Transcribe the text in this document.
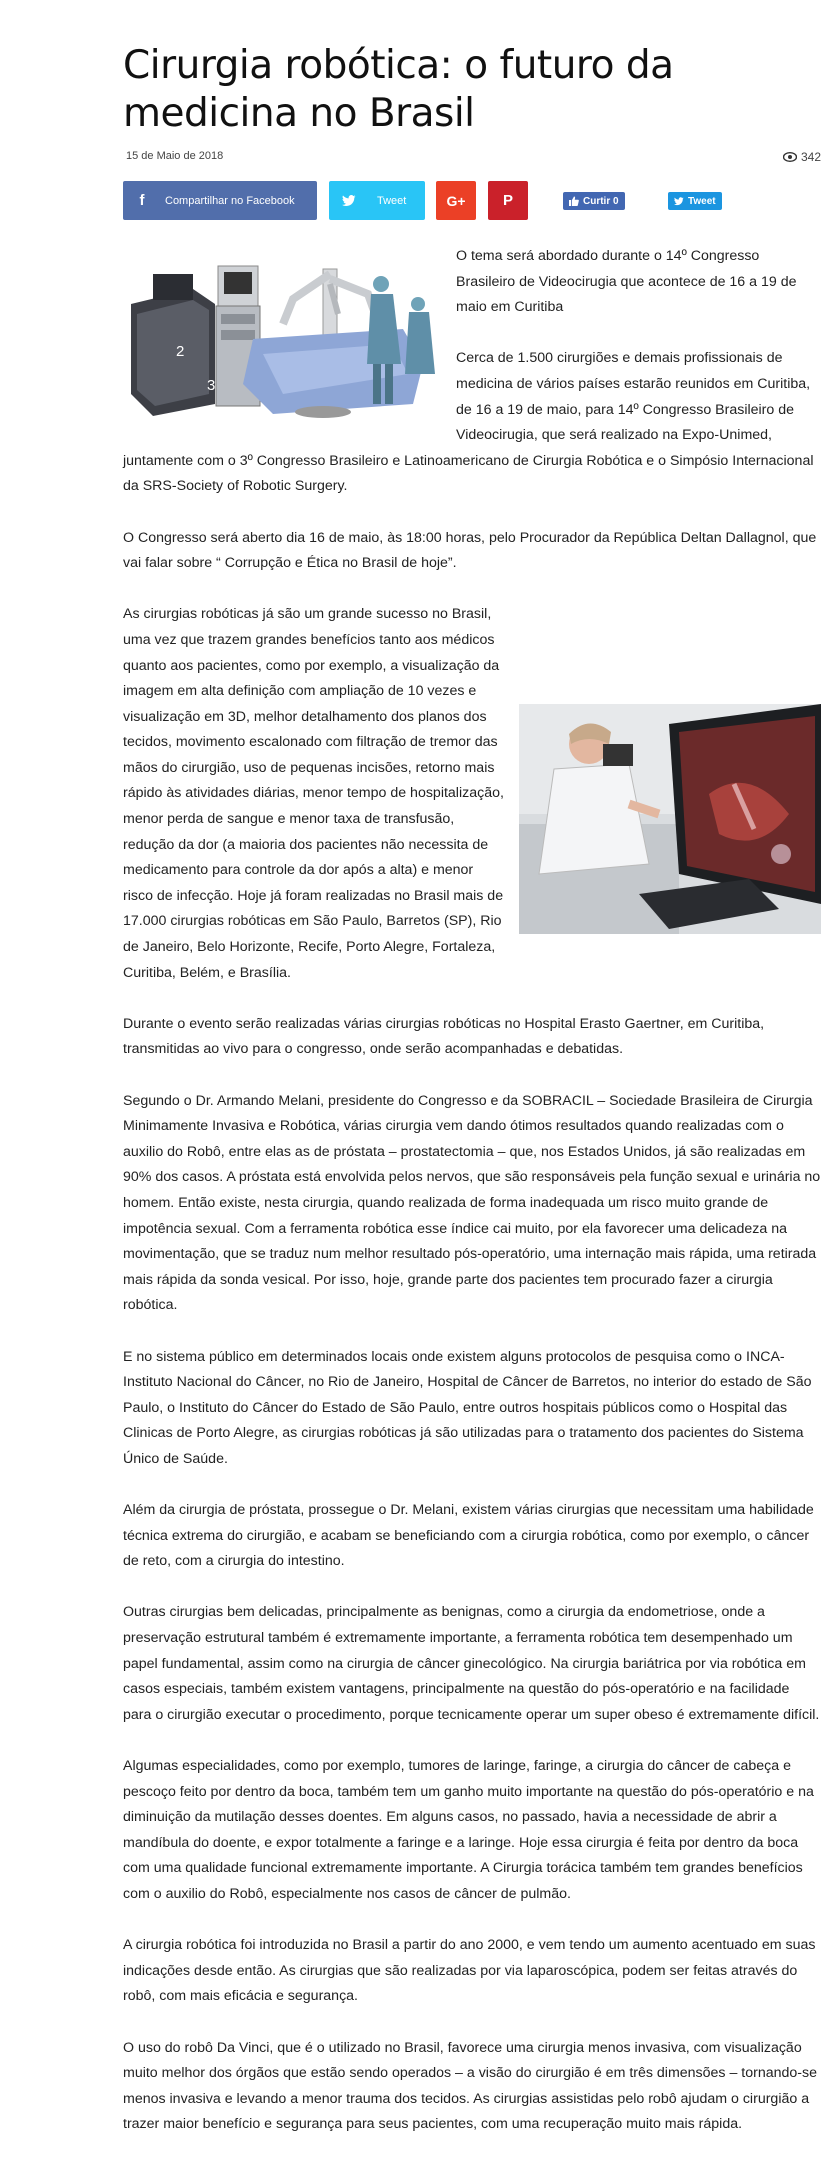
Cirurgia robótica: o futuro da medicina no Brasil
15 de Maio de 2018	342
f	Compartilhar no Facebook	Tweet	G+ P	Curtir 0	Tweet
2
3

O tema será abordado durante o 14º Congresso Brasileiro de Videocirugia que acontece de 16 a 19 de maio em Curitiba

Cerca de 1.500 cirurgiões e demais profissionais de medicina de vários países estarão reunidos em Curitiba, de 16 a 19 de maio, para 14º Congresso Brasileiro de Videocirugia, que será realizado na Expo-Unimed, juntamente com o 3º Congresso Brasileiro e Latinoamericano de Cirurgia Robótica e o Simpósio Internacional da SRS-Society of Robotic Surgery.

O Congresso será aberto dia 16 de maio, às 18:00 horas, pelo Procurador da República Deltan Dallagnol, que vai falar sobre “ Corrupção e Ética no Brasil de hoje”.

As cirurgias robóticas já são um grande sucesso no Brasil, uma vez que trazem grandes benefícios tanto aos médicos quanto aos pacientes, como por exemplo, a visualização da imagem em alta definição com ampliação de 10 vezes e visualização em 3D, melhor detalhamento dos planos dos tecidos, movimento escalonado com filtração de tremor das mãos do cirurgião, uso de pequenas incisões, retorno mais rápido às atividades diárias, menor tempo de hospitalização, menor perda de sangue e menor taxa de transfusão, redução da dor (a maioria dos pacientes não necessita de medicamento para controle da dor após a alta) e menor risco de infecção. Hoje já foram realizadas no Brasil mais de 17.000 cirurgias robóticas em São Paulo, Barretos (SP), Rio de Janeiro, Belo Horizonte, Recife, Porto Alegre, Fortaleza, Curitiba, Belém, e Brasília.

Durante o evento serão realizadas várias cirurgias robóticas no Hospital Erasto Gaertner, em Curitiba, transmitidas ao vivo para o congresso, onde serão acompanhadas e debatidas.

Segundo o Dr. Armando Melani, presidente do Congresso e da SOBRACIL – Sociedade Brasileira de Cirurgia Minimamente Invasiva e Robótica, várias cirurgia vem dando ótimos resultados quando realizadas com o auxilio do Robô, entre elas as de próstata – prostatectomia – que, nos Estados Unidos, já são realizadas em 90% dos casos. A próstata está envolvida pelos nervos, que são responsáveis pela função sexual e urinária no homem. Então existe, nesta cirurgia, quando realizada de forma inadequada um risco muito grande de impotência sexual. Com a ferramenta robótica esse índice cai muito, por ela favorecer uma delicadeza na movimentação, que se traduz num melhor resultado pós-operatório, uma internação mais rápida, uma retirada mais rápida da sonda vesical. Por isso, hoje, grande parte dos pacientes tem procurado fazer a cirurgia robótica.

E no sistema público em determinados locais onde existem alguns protocolos de pesquisa como o INCA- Instituto Nacional do Câncer, no Rio de Janeiro, Hospital de Câncer de Barretos, no interior do estado de São Paulo, o Instituto do Câncer do Estado de São Paulo, entre outros hospitais públicos como o Hospital das Clinicas de Porto Alegre, as cirurgias robóticas já são utilizadas para o tratamento dos pacientes do Sistema Único de Saúde.

Além da cirurgia de próstata, prossegue o Dr. Melani, existem várias cirurgias que necessitam uma habilidade técnica extrema do cirurgião, e acabam se beneficiando com a cirurgia robótica, como por exemplo, o câncer de reto, com a cirurgia do intestino.

Outras cirurgias bem delicadas, principalmente as benignas, como a cirurgia da endometriose, onde a preservação estrutural também é extremamente importante, a ferramenta robótica tem desempenhado um papel fundamental, assim como na cirurgia de câncer ginecológico. Na cirurgia bariátrica por via robótica em casos especiais, também existem vantagens, principalmente na questão do pós-operatório e na facilidade para o cirurgião executar o procedimento, porque tecnicamente operar um super obeso é extremamente difícil.

Algumas especialidades, como por exemplo, tumores de laringe, faringe, a cirurgia do câncer de cabeça e pescoço feito por dentro da boca, também tem um ganho muito importante na questão do pós-operatório e na diminuição da mutilação desses doentes. Em alguns casos, no passado, havia a necessidade de abrir a mandíbula do doente, e expor totalmente a faringe e a laringe. Hoje essa cirurgia é feita por dentro da boca com uma qualidade funcional extremamente importante. A Cirurgia torácica também tem grandes benefícios com o auxilio do Robô, especialmente nos casos de câncer de pulmão.

A cirurgia robótica foi introduzida no Brasil a partir do ano 2000, e vem tendo um aumento acentuado em suas indicações desde então. As cirurgias que são realizadas por via laparoscópica, podem ser feitas através do robô, com mais eficácia e segurança.

O uso do robô Da Vinci, que é o utilizado no Brasil, favorece uma cirurgia menos invasiva, com visualização muito melhor dos órgãos que estão sendo operados – a visão do cirurgião é em três dimensões – tornando-se menos invasiva e levando a menor trauma dos tecidos. As cirurgias assistidas pelo robô ajudam o cirurgião a trazer maior benefício e segurança para seus pacientes, com uma recuperação muito mais rápida.
